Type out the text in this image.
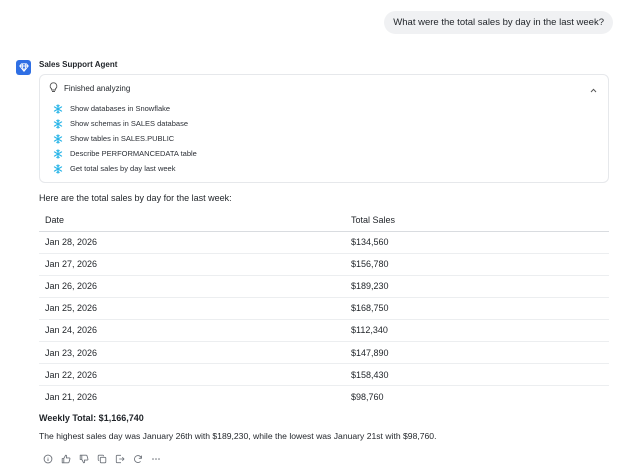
What were the total sales by day in the last week?
Sales Support Agent
Finished analyzing
Show databases in Snowflake
Show schemas in SALES database
Show tables in SALES.PUBLIC
Describe PERFORMANCEDATA table
Get total sales by day last week
Here are the total sales by day for the last week:
Date	Total Sales
Jan 28, 2026	$134,560
Jan 27, 2026	$156,780
Jan 26, 2026	$189,230
Jan 25, 2026	$168,750
Jan 24, 2026	$112,340
Jan 23, 2026	$147,890
Jan 22, 2026	$158,430
Jan 21, 2026	$98,760
Weekly Total: $1,166,740
The highest sales day was January 26th with $189,230, while the lowest was January 21st with $98,760.
